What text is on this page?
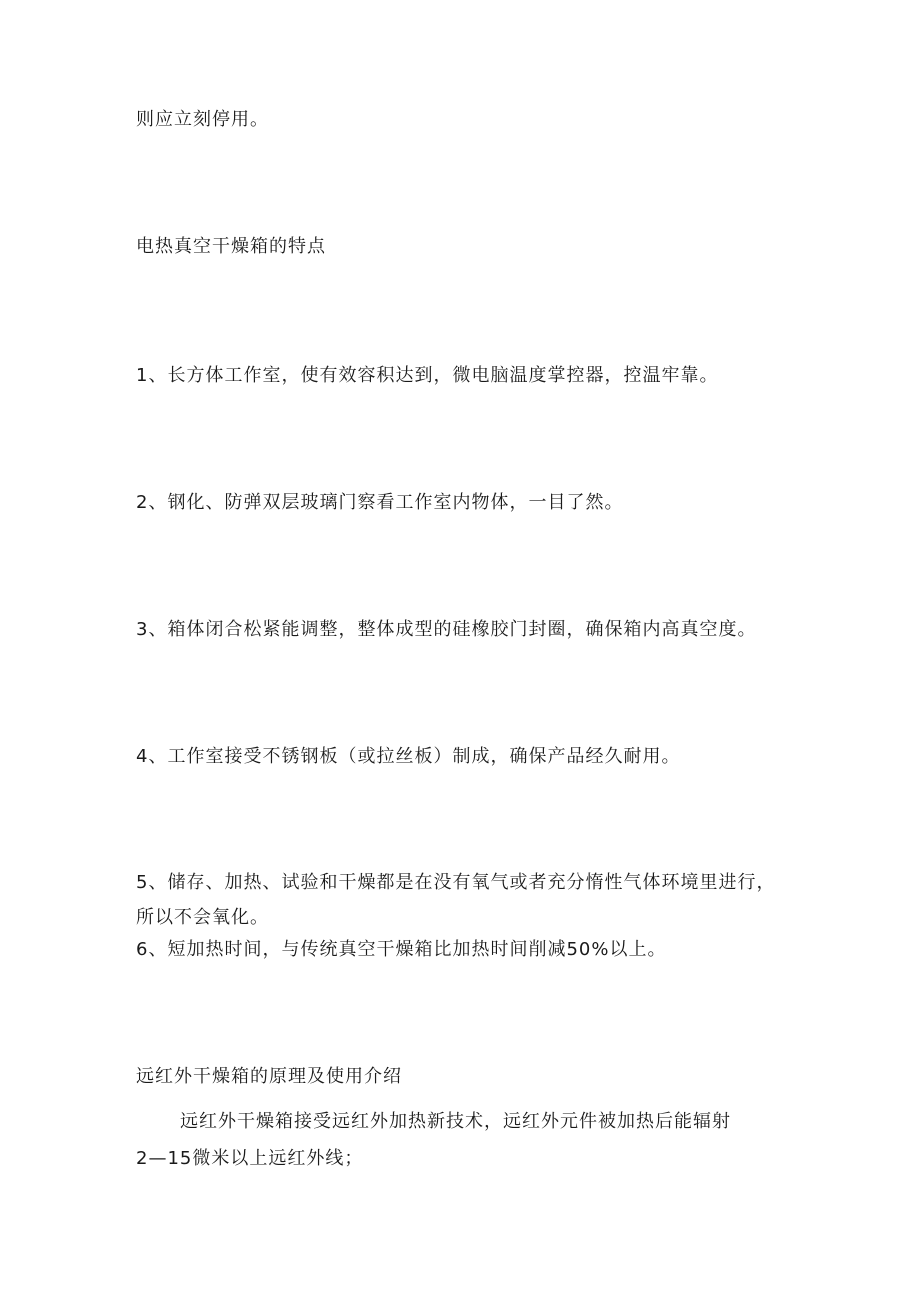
则应立刻停用。
电热真空干燥箱的特点
1、长方体工作室，使有效容积达到，微电脑温度掌控器，控温牢靠。
2、钢化、防弹双层玻璃门察看工作室内物体，一目了然。
3、箱体闭合松紧能调整，整体成型的硅橡胶门封圈，确保箱内高真空度。
4、工作室接受不锈钢板（或拉丝板）制成，确保产品经久耐用。
5、储存、加热、试验和干燥都是在没有氧气或者充分惰性气体环境里进行，
所以不会氧化。
6、短加热时间，与传统真空干燥箱比加热时间削减50%以上。
远红外干燥箱的原理及使用介绍
远红外干燥箱接受远红外加热新技术，远红外元件被加热后能辐射
2—15微米以上远红外线；
